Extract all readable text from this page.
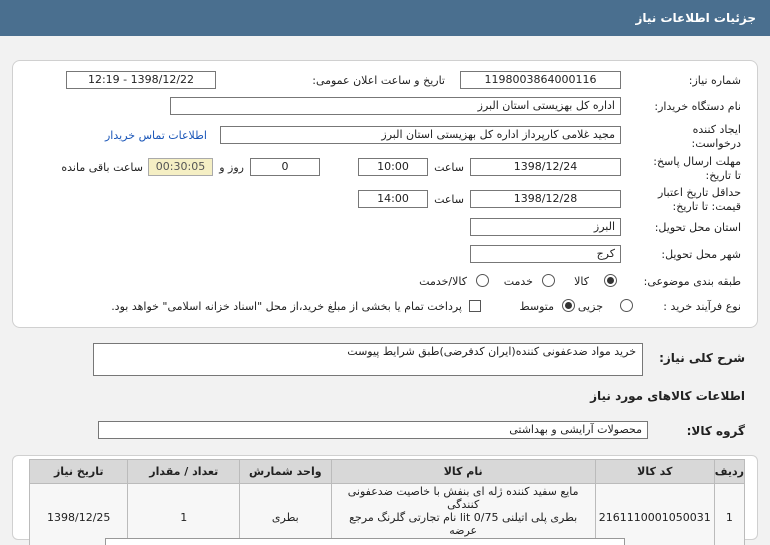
جزئیات اطلاعات نیاز
شماره نیاز:
1198003864000116
تاریخ و ساعت اعلان عمومی:
1398/12/22 - 12:19
نام دستگاه خریدار:
اداره کل بهزیستی استان البرز
ایجاد کننده
درخواست:
مجید غلامی کارپرداز اداره کل بهزیستی استان البرز
اطلاعات تماس خریدار
مهلت ارسال پاسخ:
تا تاریخ:
1398/12/24
ساعت
10:00
0
روز و
00:30:05
ساعت باقی مانده
حداقل تاریخ اعتبار
قیمت: تا تاریخ:
1398/12/28
ساعت
14:00
استان محل تحویل:
البرز
شهر محل تحویل:
کرج
طبقه بندی موضوعی:
کالا
خدمت
کالا/خدمت
نوع فرآیند خرید :
جزیی
متوسط
پرداخت تمام یا بخشی از مبلغ خرید،از محل "اسناد خزانه اسلامی" خواهد بود.
شرح کلی نیاز:
خرید مواد ضدعفونی کننده(ایران کدفرضی)طبق شرایط پیوست
اطلاعات کالاهای مورد نیاز
گروه کالا:
محصولات آرایشی و بهداشتی
ردیف	کد کالا	نام کالا	واحد شمارش	تعداد / مقدار	تاریخ نیاز
1	2161110001050031	مایع سفید کننده ژله ای بنفش با خاصیت ضدعفونی کنندگی
بطری پلی اتیلنی lit 0/75 نام تجارتی گلرنگ مرجع عرضه	بطری	1	1398/12/25
